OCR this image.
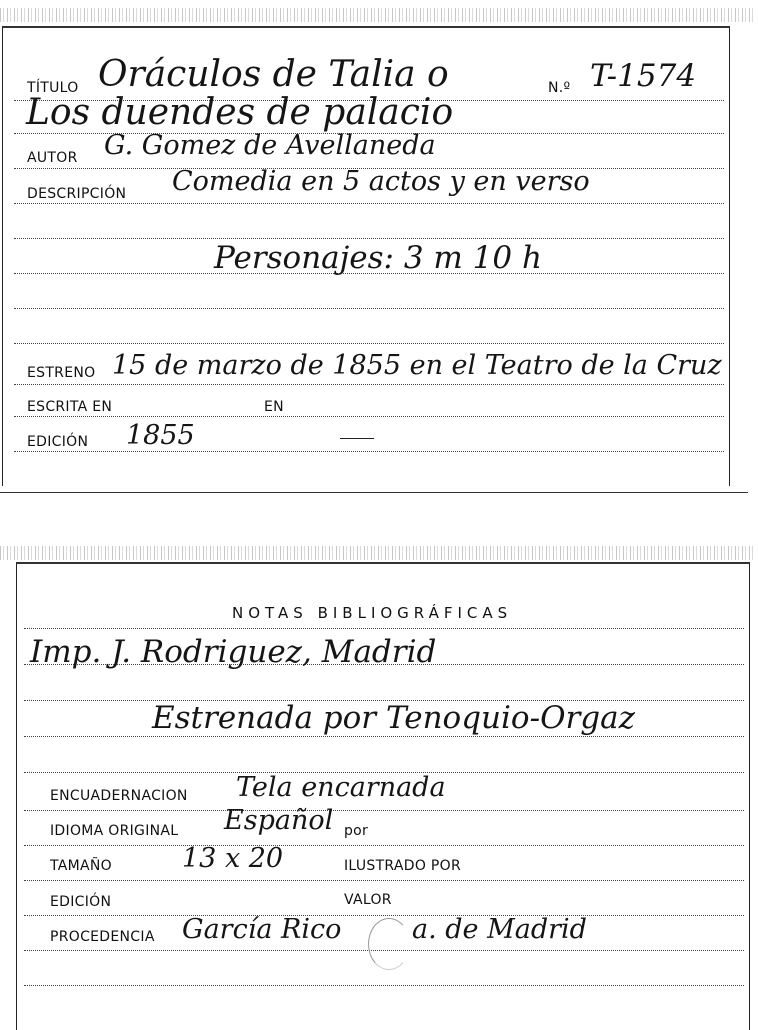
TÍTULO Oráculos de Talia o	N.º T-1574
Los duendes de palacio
AUTOR G. Gomez de Avellaneda
DESCRIPCIÓN Comedia en 5 actos y en verso
Personajes: 3 m 10 h
ESTRENO 15 de marzo de 1855 en el Teatro de la Cruz
ESCRITA EN	EN
EDICIÓN 1855
NOTAS BIBLIOGRÁFICAS
Imp. J. Rodriguez, Madrid
Estrenada por Tenoquio-Orgaz
ENCUADERNACION Tela encarnada
IDIOMA ORIGINAL Español por
TAMAÑO	13 x 20	ILUSTRADO POR
EDICIÓN	VALOR
PROCEDENCIA García Rico	a. de Madrid
